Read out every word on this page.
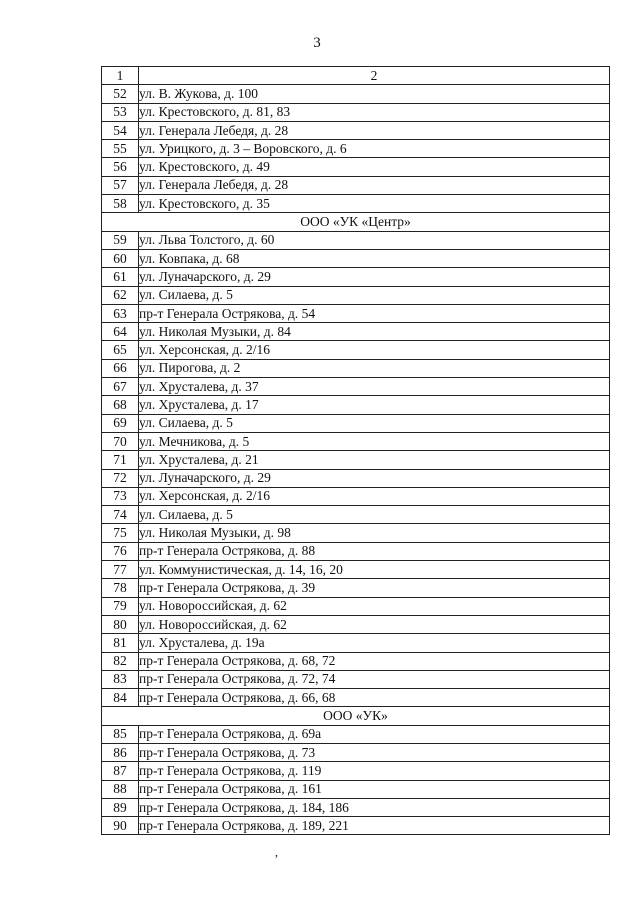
3
1	2
52	ул. В. Жукова, д. 100
53	ул. Крестовского, д. 81, 83
54	ул. Генерала Лебедя, д. 28
55	ул. Урицкого, д. 3 – Воровского, д. 6
56	ул. Крестовского, д. 49
57	ул. Генерала Лебедя, д. 28
58	ул. Крестовского, д. 35
ООО «УК «Центр»	
59	ул. Льва Толстого, д. 60
60	ул. Ковпака, д. 68
61	ул. Луначарского, д. 29
62	ул. Силаева, д. 5
63	пр-т Генерала Острякова, д. 54
64	ул. Николая Музыки, д. 84
65	ул. Херсонская, д. 2/16
66	ул. Пирогова, д. 2
67	ул. Хрусталева, д. 37
68	ул. Хрусталева, д. 17
69	ул. Силаева, д. 5
70	ул. Мечникова, д. 5
71	ул. Хрусталева, д. 21
72	ул. Луначарского, д. 29
73	ул. Херсонская, д. 2/16
74	ул. Силаева, д. 5
75	ул. Николая Музыки, д. 98
76	пр-т Генерала Острякова, д. 88
77	ул. Коммунистическая, д. 14, 16, 20
78	пр-т Генерала Острякова, д. 39
79	ул. Новороссийская, д. 62
80	ул. Новороссийская, д. 62
81	ул. Хрусталева, д. 19а
82	пр-т Генерала Острякова, д. 68, 72
83	пр-т Генерала Острякова, д. 72, 74
84	пр-т Генерала Острякова, д. 66, 68
ООО «УК»	
85	пр-т Генерала Острякова, д. 69а
86	пр-т Генерала Острякова, д. 73
87	пр-т Генерала Острякова, д. 119
88	пр-т Генерала Острякова, д. 161
89	пр-т Генерала Острякова, д. 184, 186
90	пр-т Генерала Острякова, д. 189, 221
,
